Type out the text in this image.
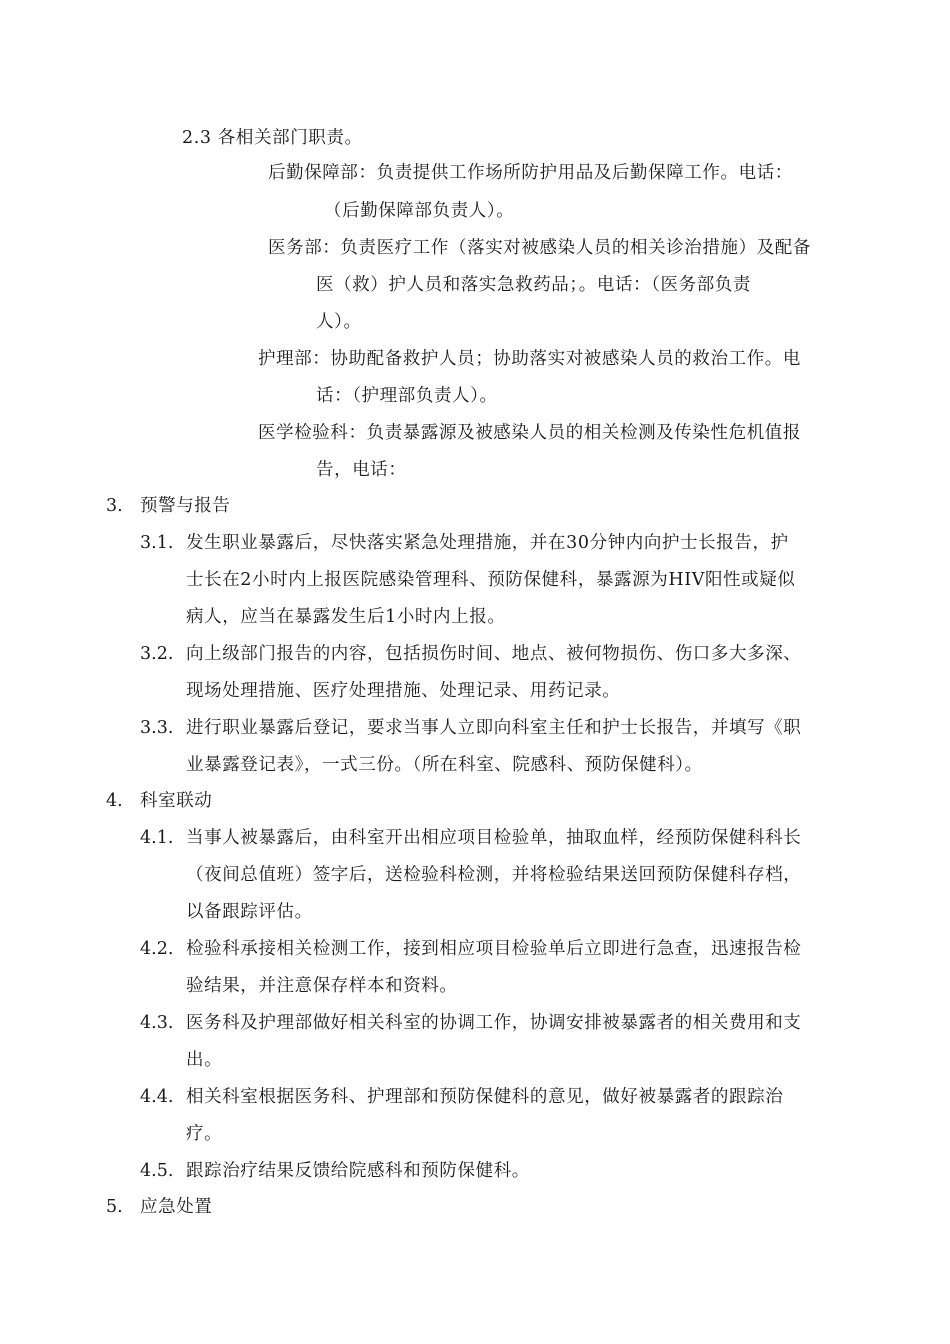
2.3 各相关部门职责。
后勤保障部：负责提供工作场所防护用品及后勤保障工作。电话：
（后勤保障部负责人）。
医务部：负责医疗工作（落实对被感染人员的相关诊治措施）及配备
医（救）护人员和落实急救药品；。电话：（医务部负责
人）。
护理部：协助配备救护人员；协助落实对被感染人员的救治工作。电
话：（护理部负责人）。
医学检验科：负责暴露源及被感染人员的相关检测及传染性危机值报
告，电话：
3. 预警与报告
3.1. 发生职业暴露后，尽快落实紧急处理措施，并在30分钟内向护士长报告，护
士长在2小时内上报医院感染管理科、预防保健科，暴露源为HIV阳性或疑似
病人，应当在暴露发生后1小时内上报。
3.2. 向上级部门报告的内容，包括损伤时间、地点、被何物损伤、伤口多大多深、
现场处理措施、医疗处理措施、处理记录、用药记录。
3.3. 进行职业暴露后登记，要求当事人立即向科室主任和护士长报告，并填写《职
业暴露登记表》，一式三份。（所在科室、院感科、预防保健科）。
4. 科室联动
4.1. 当事人被暴露后，由科室开出相应项目检验单，抽取血样，经预防保健科科长
（夜间总值班）签字后，送检验科检测，并将检验结果送回预防保健科存档，
以备跟踪评估。
4.2. 检验科承接相关检测工作，接到相应项目检验单后立即进行急查，迅速报告检
验结果，并注意保存样本和资料。
4.3. 医务科及护理部做好相关科室的协调工作，协调安排被暴露者的相关费用和支
出。
4.4. 相关科室根据医务科、护理部和预防保健科的意见，做好被暴露者的跟踪治
疗。
4.5. 跟踪治疗结果反馈给院感科和预防保健科。
5. 应急处置
